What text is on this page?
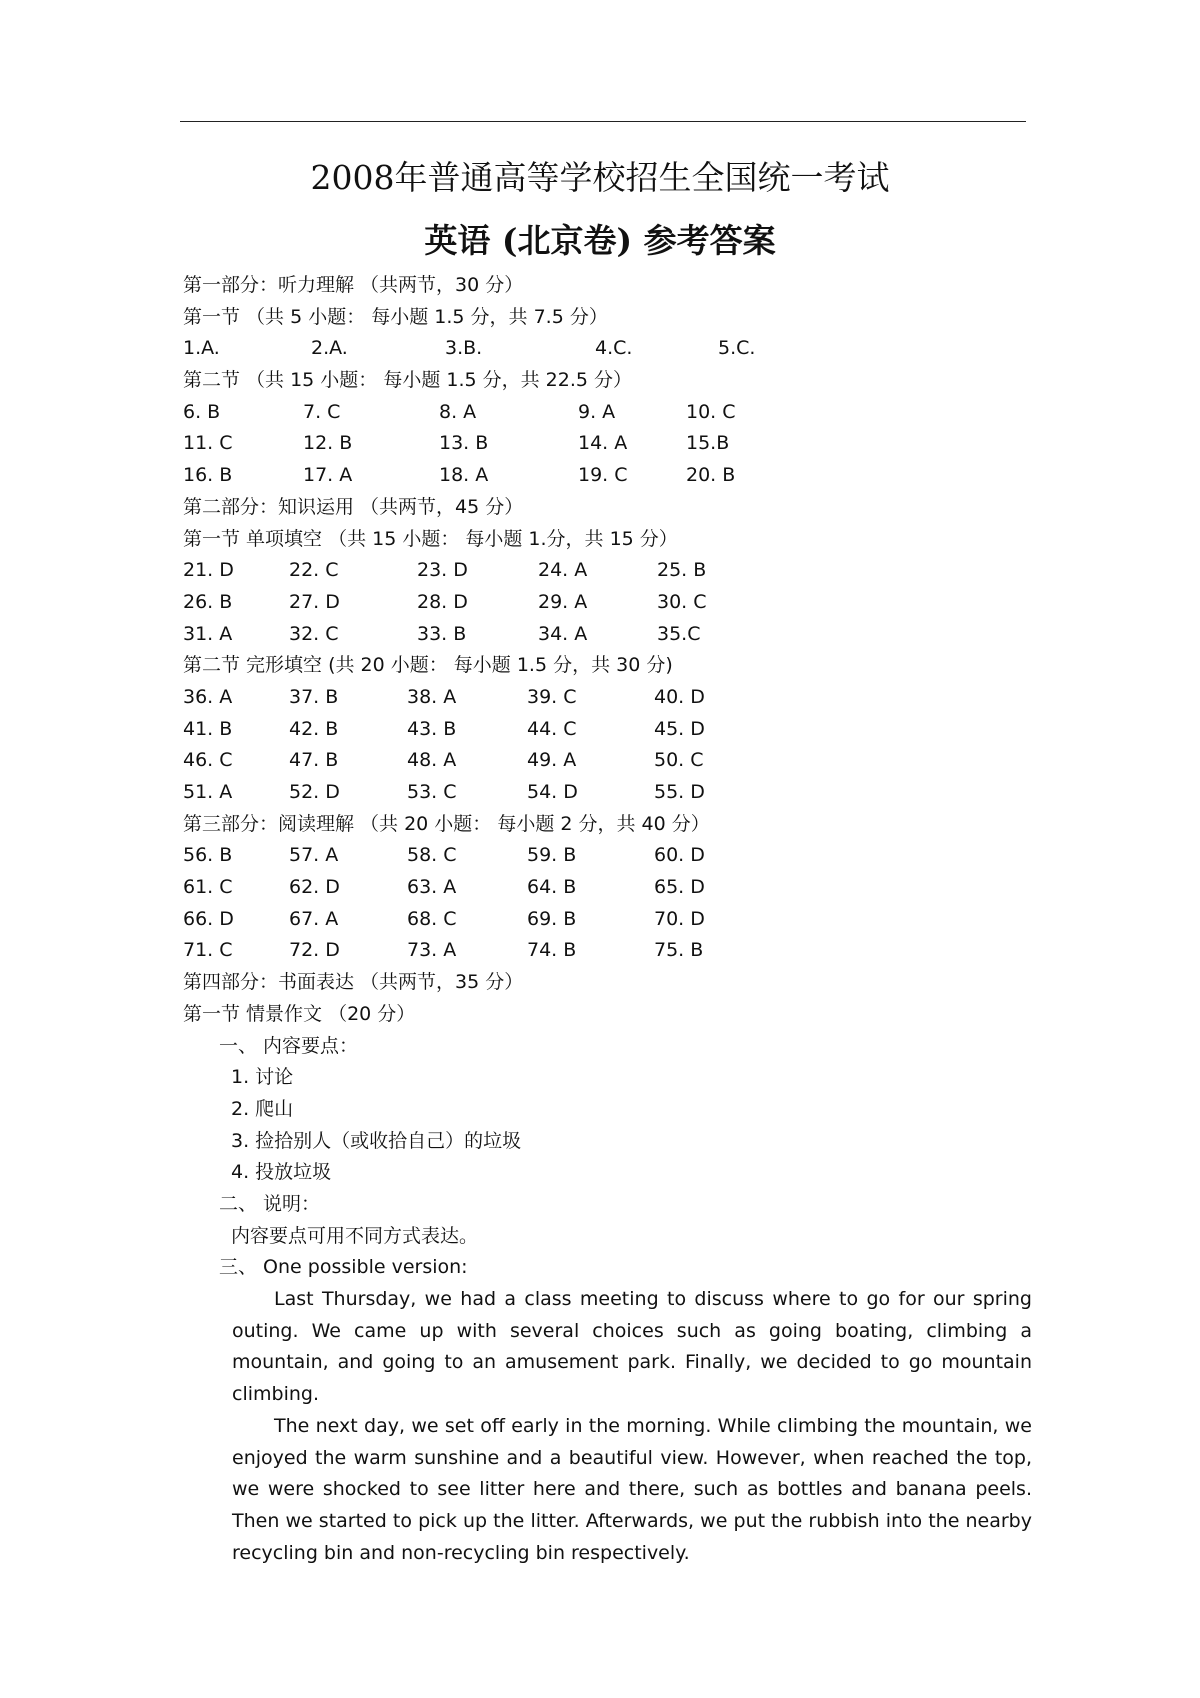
2008年普通高等学校招生全国统一考试
英语 (北京卷) 参考答案
第一部分：听力理解 （共两节，30 分）
第一节 （共 5 小题： 每小题 1.5 分，共 7.5 分）
1.A.	2.A.	3.B.	4.C.	5.C.
第二节 （共 15 小题： 每小题 1.5 分，共 22.5 分）
6. B	7. C	8. A	9. A	10. C
11. C	12. B	13. B	14. A	15.B
16. B	17. A	18. A	19. C	20. B
第二部分：知识运用 （共两节，45 分）
第一节 单项填空 （共 15 小题： 每小题 1.分，共 15 分）
21. D	22. C	23. D	24. A	25. B
26. B	27. D	28. D	29. A	30. C
31. A	32. C	33. B	34. A	35.C
第二节 完形填空 (共 20 小题： 每小题 1.5 分，共 30 分)
36. A	37. B	38. A	39. C	40. D
41. B	42. B	43. B	44. C	45. D
46. C	47. B	48. A	49. A	50. C
51. A	52. D	53. C	54. D	55. D
第三部分：阅读理解 （共 20 小题： 每小题 2 分，共 40 分）
56. B	57. A	58. C	59. B	60. D
61. C	62. D	63. A	64. B	65. D
66. D	67. A	68. C	69. B	70. D
71. C	72. D	73. A	74. B	75. B
第四部分：书面表达 （共两节，35 分）
第一节 情景作文 （20 分）
一、 内容要点：
1. 讨论
2. 爬山
3. 捡拾别人（或收拾自己）的垃圾
4. 投放垃圾
二、 说明：
内容要点可用不同方式表达。
三、 One possible version:
Last Thursday, we had a class meeting to discuss where to go for our spring outing. We came up with several choices such as going boating, climbing a mountain, and going to an amusement park. Finally, we decided to go mountain climbing.
The next day, we set off early in the morning. While climbing the mountain, we enjoyed the warm sunshine and a beautiful view. However, when reached the top, we were shocked to see litter here and there, such as bottles and banana peels. Then we started to pick up the litter. Afterwards, we put the rubbish into the nearby recycling bin and non-recycling bin respectively.
